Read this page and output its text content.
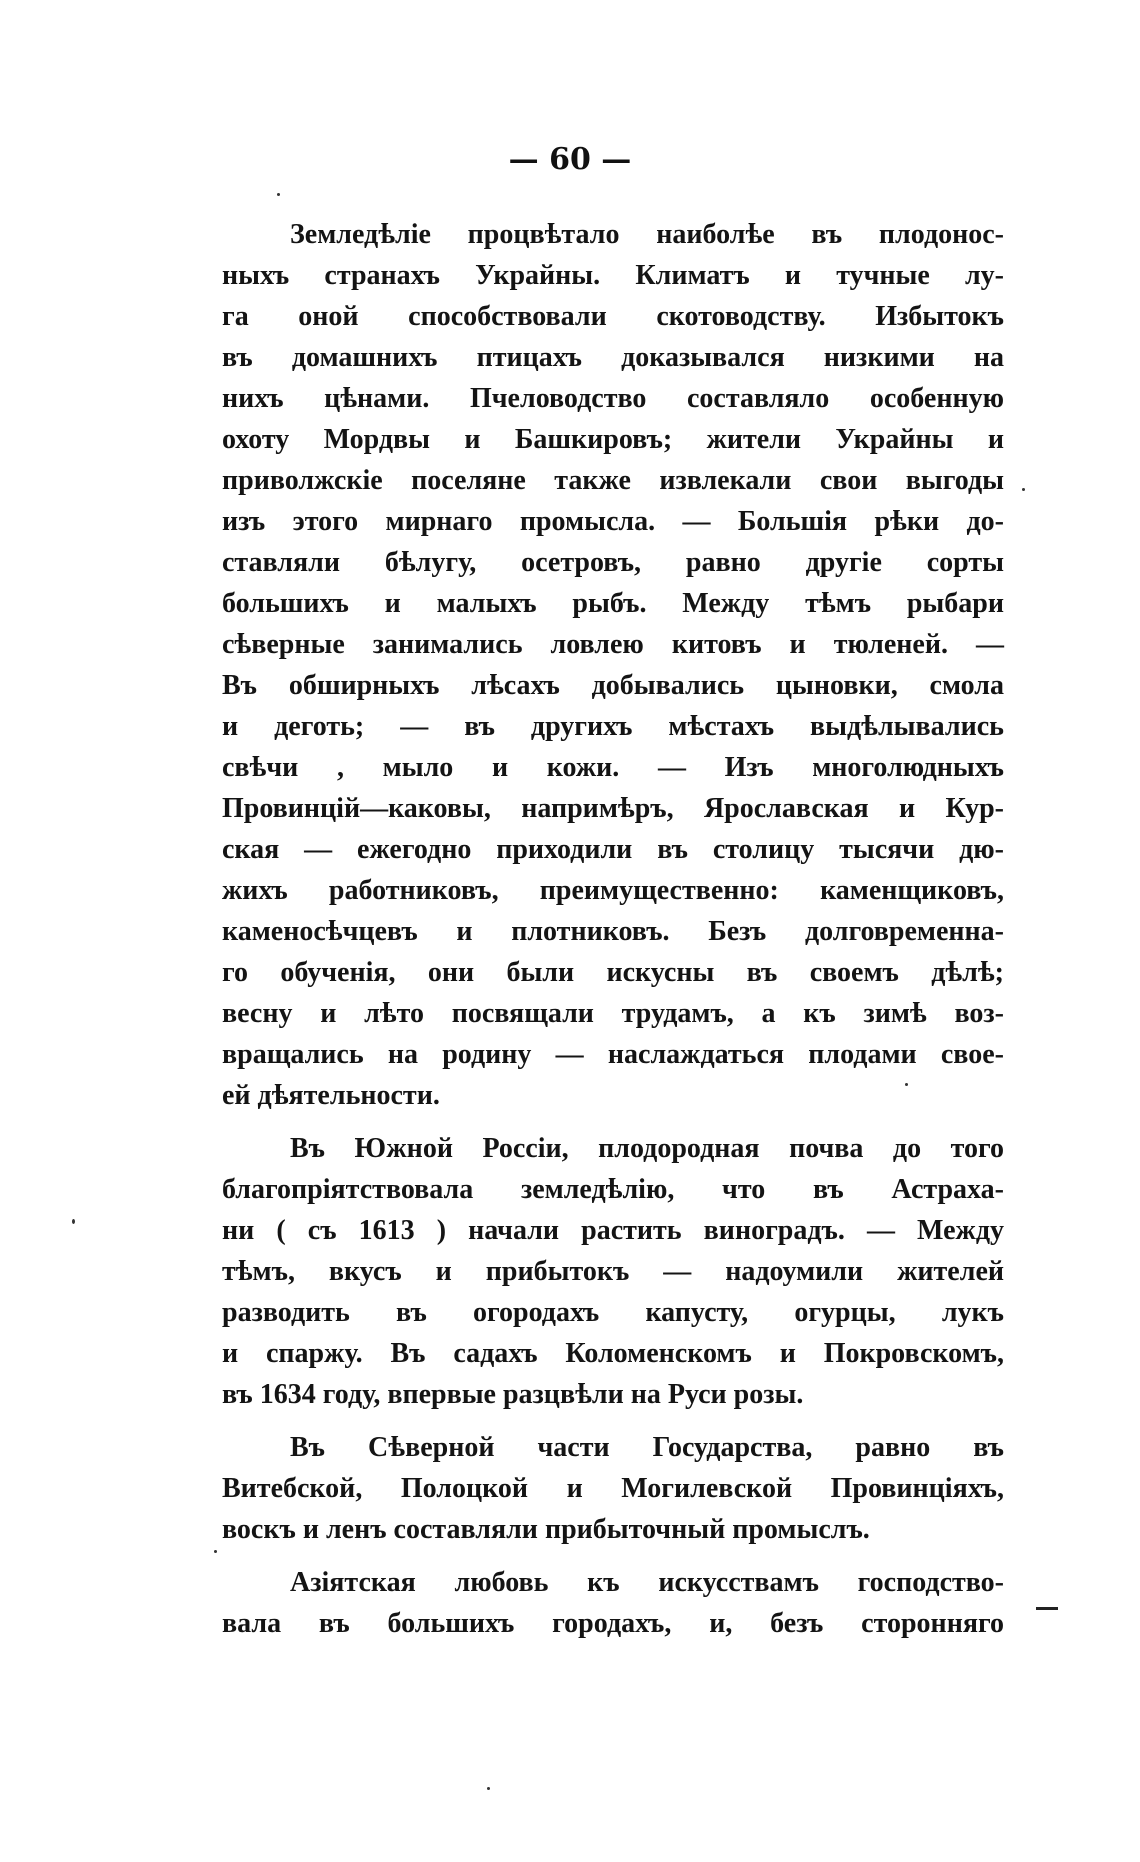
— 60 —
Земледѣліе процвѣтало наиболѣе въ плодонос-
ныхъ странахъ Украйны. Климатъ и тучные лу-
га оной способствовали скотоводству. Избытокъ
въ домашнихъ птицахъ доказывался низкими на
нихъ цѣнами. Пчеловодство составляло особенную
охоту Мордвы и Башкировъ; жители Украйны и
приволжскіе поселяне также извлекали свои выгоды
изъ этого мирнаго промысла. — Большія рѣки до-
ставляли бѣлугу, осетровъ, равно другіе сорты
большихъ и малыхъ рыбъ. Между тѣмъ рыбари
сѣверные занимались ловлею китовъ и тюленей. —
Въ обширныхъ лѣсахъ добывались цыновки, смола
и деготь; — въ другихъ мѣстахъ выдѣлывались
свѣчи , мыло и кожи. — Изъ многолюдныхъ
Провинцій—каковы, напримѣръ, Ярославская и Кур-
ская — ежегодно приходили въ столицу тысячи дю-
жихъ работниковъ, преимущественно: каменщиковъ,
каменосѣчцевъ и плотниковъ. Безъ долговременна-
го обученія, они были искусны въ своемъ дѣлѣ;
весну и лѣто посвящали трудамъ, а къ зимѣ воз-
вращались на родину — наслаждаться плодами свое-
ей дѣятельности.
Въ Южной Россіи, плодородная почва до того
благопріятствовала земледѣлію, что въ Астраха-
ни ( съ 1613 ) начали растить виноградъ. — Между
тѣмъ, вкусъ и прибытокъ — надоумили жителей
разводить въ огородахъ капусту, огурцы, лукъ
и спаржу. Въ садахъ Коломенскомъ и Покровскомъ,
въ 1634 году, впервые разцвѣли на Руси розы.
Въ Сѣверной части Государства, равно въ
Витебской, Полоцкой и Могилевской Провинціяхъ,
воскъ и ленъ составляли прибыточный промыслъ.
Азіятская любовь къ искусствамъ господство-
вала въ большихъ городахъ, и, безъ сторонняго
